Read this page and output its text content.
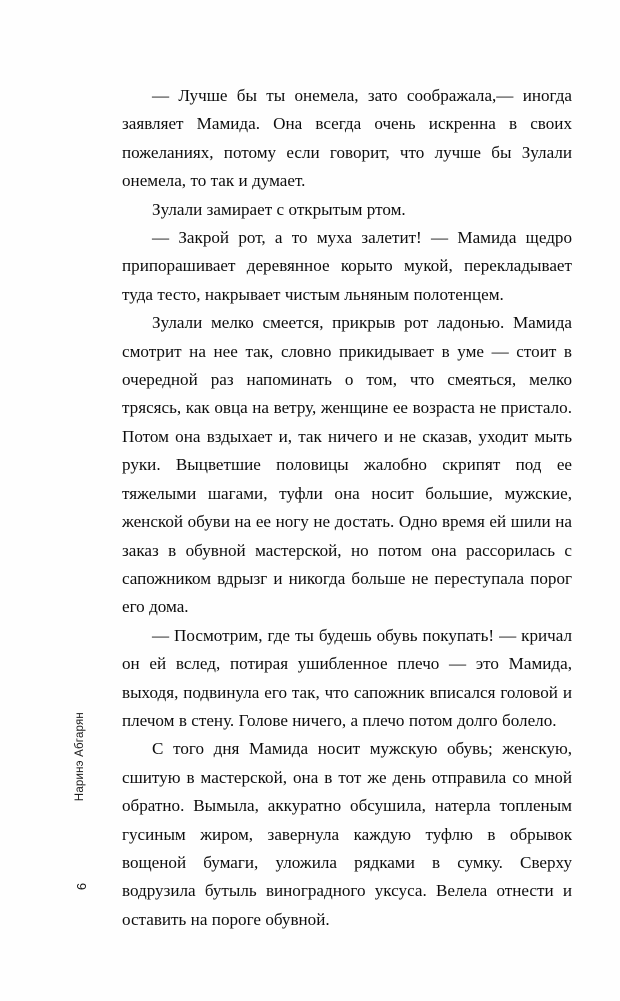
Наринэ Абгарян
6

— Лучше бы ты онемела, зато соображала,— иногда заявляет Мамида. Она всегда очень искренна в своих пожеланиях, потому если говорит, что лучше бы Зулали онемела, то так и думает.

Зулали замирает с открытым ртом.

— Закрой рот, а то муха залетит! — Мамида щедро припорашивает деревянное корыто мукой, перекладывает туда тесто, накрывает чистым льняным полотенцем.

Зулали мелко смеется, прикрыв рот ладонью. Мамида смотрит на нее так, словно прикидывает в уме — стоит в очередной раз напоминать о том, что смеяться, мелко трясясь, как овца на ветру, женщине ее возраста не пристало. Потом она вздыхает и, так ничего и не сказав, уходит мыть руки. Выцветшие половицы жалобно скрипят под ее тяжелыми шагами, туфли она носит большие, мужские, женской обуви на ее ногу не достать. Одно время ей шили на заказ в обувной мастерской, но потом она рассорилась с сапожником вдрызг и никогда больше не переступала порог его дома.

— Посмотрим, где ты будешь обувь покупать! — кричал он ей вслед, потирая ушибленное плечо — это Мамида, выходя, подвинула его так, что сапожник вписался головой и плечом в стену. Голове ничего, а плечо потом долго болело.

С того дня Мамида носит мужскую обувь; женскую, сшитую в мастерской, она в тот же день отправила со мной обратно. Вымыла, аккуратно обсушила, натерла топленым гусиным жиром, завернула каждую туфлю в обрывок вощеной бумаги, уложила рядками в сумку. Сверху водрузила бутыль виноградного уксуса. Велела отнести и оставить на пороге обувной.
